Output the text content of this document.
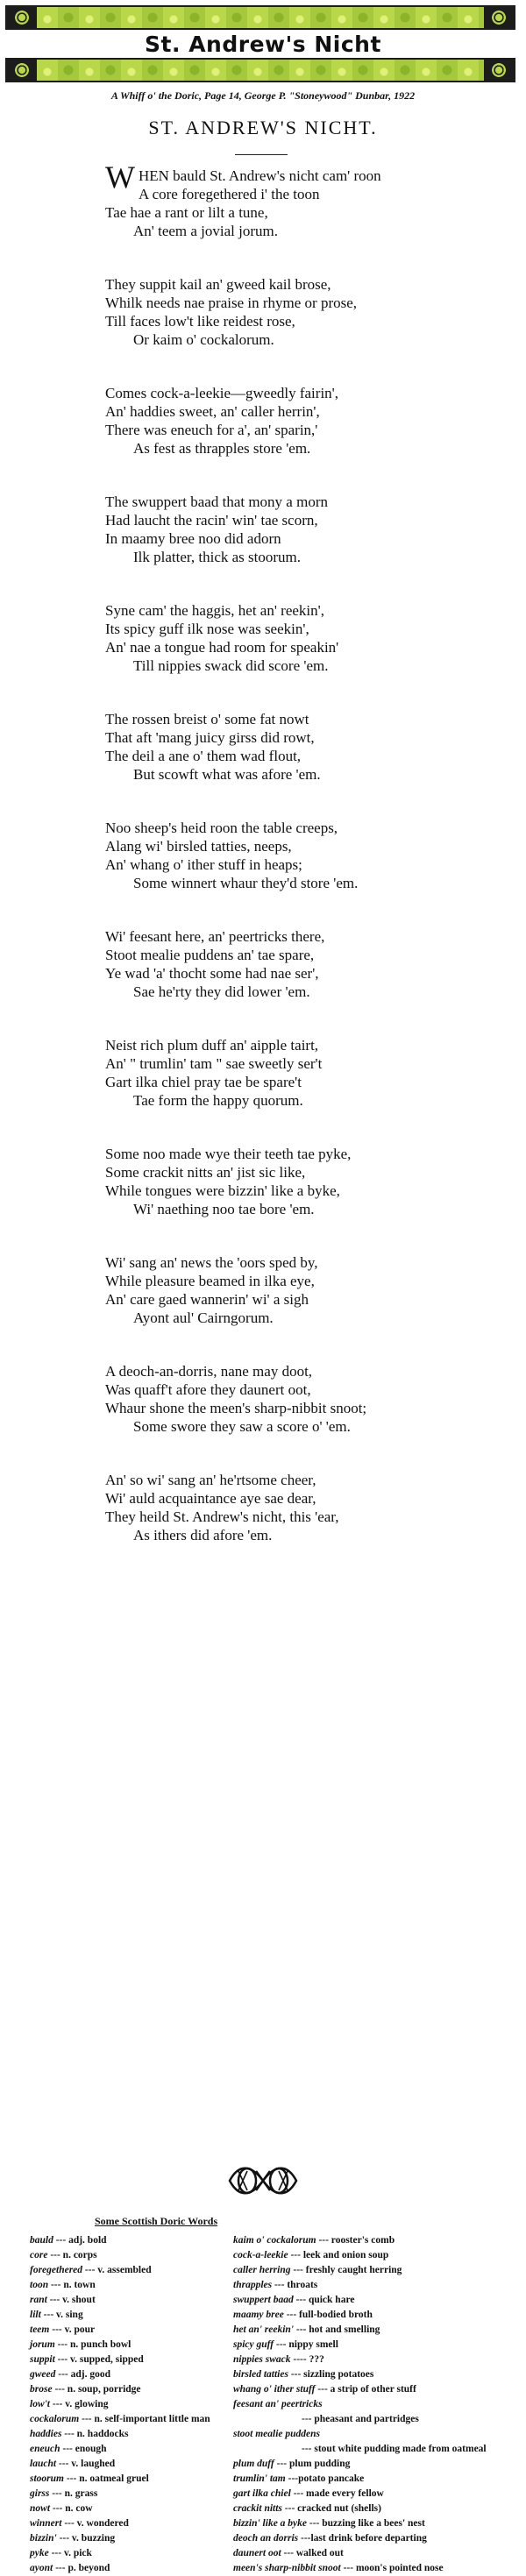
St. Andrew's Nicht
A Whiff o' the Doric, Page 14, George P. "Stoneywood" Dunbar, 1922
ST. ANDREW'S NICHT.
WHEN bauld St. Andrew's nicht cam' roon
A core foregethered i' the toon
Tae hae a rant or lilt a tune,
An' teem a jovial jorum.
They suppit kail an' gweed kail brose,
Whilk needs nae praise in rhyme or prose,
Till faces low't like reidest rose,
Or kaim o' cockalorum.
Comes cock-a-leekie—gweedly fairin',
An' haddies sweet, an' caller herrin',
There was eneuch for a', an' sparin,'
As fest as thrapples store 'em.
The swuppert baad that mony a morn
Had laucht the racin' win' tae scorn,
In maamy bree noo did adorn
Ilk platter, thick as stoorum.
Syne cam' the haggis, het an' reekin',
Its spicy guff ilk nose was seekin',
An' nae a tongue had room for speakin'
Till nippies swack did score 'em.
The rossen breist o' some fat nowt
That aft 'mang juicy girss did rowt,
The deil a ane o' them wad flout,
But scowft what was afore 'em.
Noo sheep's heid roon the table creeps,
Alang wi' birsled tatties, neeps,
An' whang o' ither stuff in heaps;
Some winnert whaur they'd store 'em.
Wi' feesant here, an' peertricks there,
Stoot mealie puddens an' tae spare,
Ye wad 'a' thocht some had nae ser',
Sae he'rty they did lower 'em.
Neist rich plum duff an' aipple tairt,
An' " trumlin' tam " sae sweetly ser't
Gart ilka chiel pray tae be spare't
Tae form the happy quorum.
Some noo made wye their teeth tae pyke,
Some crackit nitts an' jist sic like,
While tongues were bizzin' like a byke,
Wi' naething noo tae bore 'em.
Wi' sang an' news the 'oors sped by,
While pleasure beamed in ilka eye,
An' care gaed wannerin' wi' a sigh
Ayont aul' Cairngorum.
A deoch-an-dorris, nane may doot,
Was quaff't afore they daunert oot,
Whaur shone the meen's sharp-nibbit snoot;
Some swore they saw a score o' 'em.
An' so wi' sang an' he'rtsome cheer,
Wi' auld acquaintance aye sae dear,
They heild St. Andrew's nicht, this 'ear,
As ithers did afore 'em.
Some Scottish Doric Words
bauld --- adj. bold
core --- n. corps
foregethered --- v. assembled
toon --- n. town
rant --- v. shout
lilt --- v. sing
teem --- v. pour
jorum --- n. punch bowl
suppit --- v. supped, sipped
gweed --- adj. good
brose --- n. soup, porridge
low't --- v. glowing
cockalorum --- n. self-important little man
haddies --- n. haddocks
eneuch --- enough
laucht --- v. laughed
stoorum --- n. oatmeal gruel
girss --- n. grass
nowt --- n. cow
winnert --- v. wondered
bizzin' --- v. buzzing
pyke --- v. pick
ayont --- p. beyond
kaim o' cockalorum --- rooster's comb
cock-a-leekie --- leek and onion soup
caller herring --- freshly caught herring
thrapples --- throats
swuppert baad --- quick hare
maamy bree --- full-bodied broth
het an' reekin' --- hot and smelling
spicy guff --- nippy smell
nippies swack ---- ???
birsled tatties --- sizzling potatoes
whang o' ither stuff --- a strip of other stuff
feesant an' peertricks
--- pheasant and partridges
stoot mealie puddens
--- stout white pudding made from oatmeal
plum duff --- plum pudding
trumlin' tam ---potato pancake
gart ilka chiel --- made every fellow
crackit nitts --- cracked nut (shells)
bizzin' like a byke --- buzzing like a bees' nest
deoch an dorris ---last drink before departing
daunert oot --- walked out
meen's sharp-nibbit snoot --- moon's pointed nose
